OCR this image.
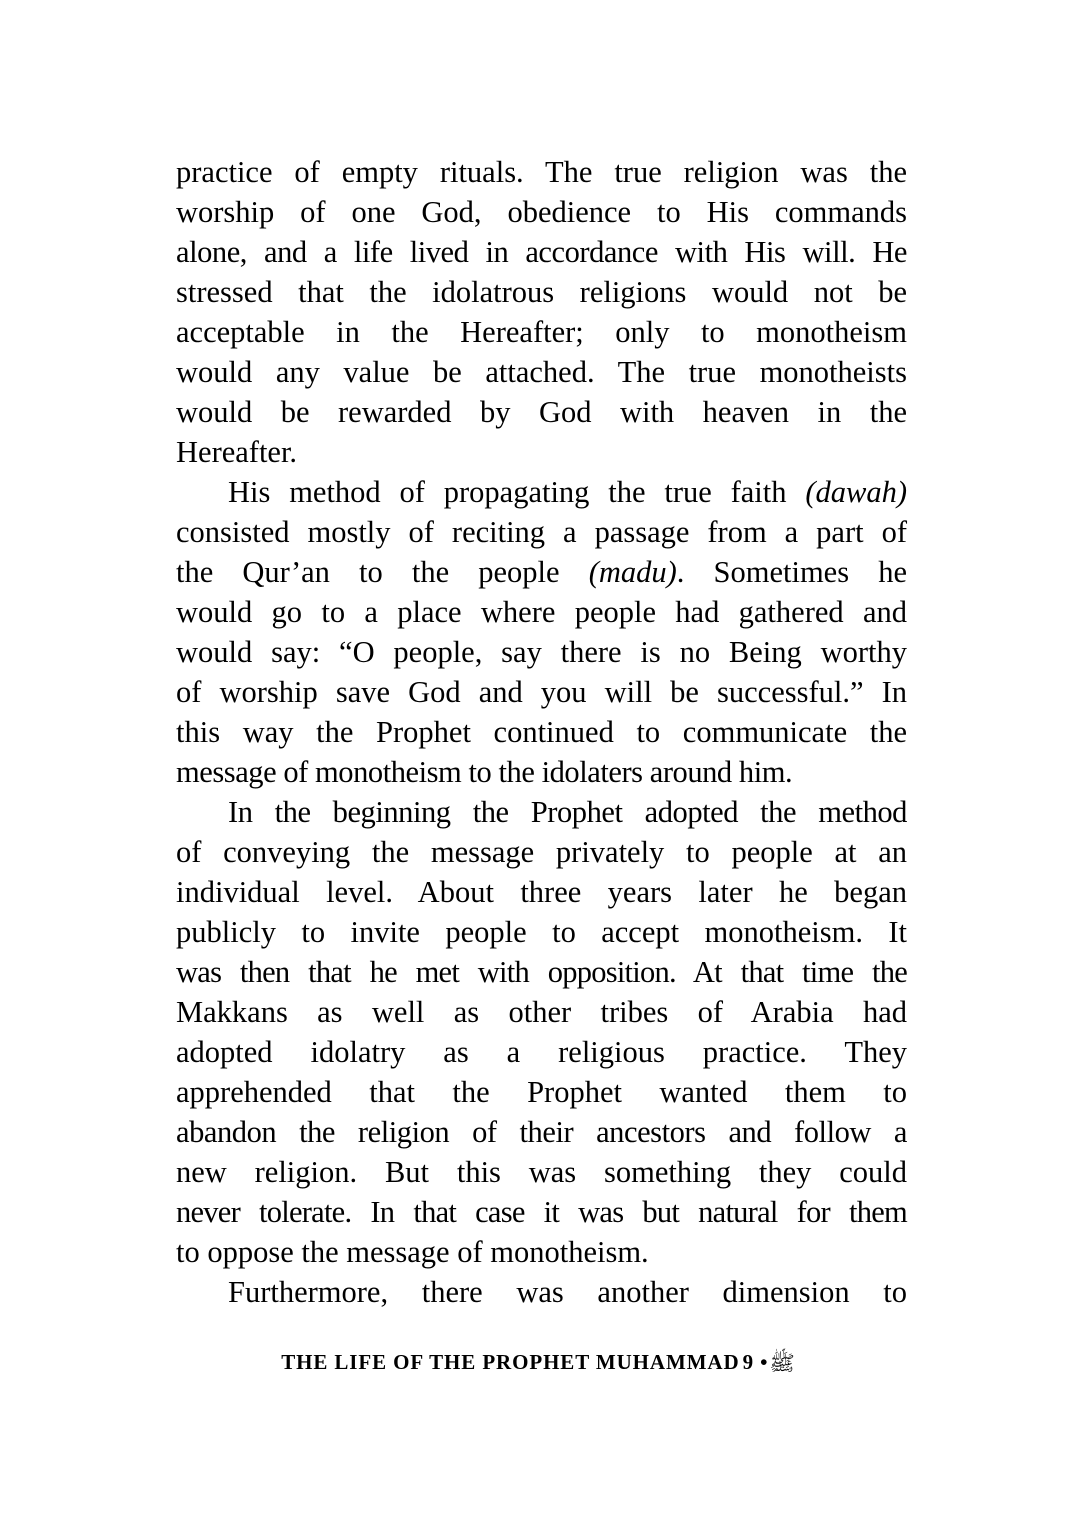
practice of empty rituals. The true religion was the
worship of one God, obedience to His commands
alone, and a life lived in accordance with His will. He
stressed that the idolatrous religions would not be
acceptable in the Hereafter; only to monotheism
would any value be attached. The true monotheists
would be rewarded by God with heaven in the
Hereafter.

His method of propagating the true faith (dawah)
consisted mostly of reciting a passage from a part of
the Qur’an to the people (madu). Sometimes he
would go to a place where people had gathered and
would say: “O people, say there is no Being worthy
of worship save God and you will be successful.” In
this way the Prophet continued to communicate the
message of monotheism to the idolaters around him.

In the beginning the Prophet adopted the method
of conveying the message privately to people at an
individual level. About three years later he began
publicly to invite people to accept monotheism. It
was then that he met with opposition. At that time the
Makkans as well as other tribes of Arabia had
adopted idolatry as a religious practice. They
apprehended that the Prophet wanted them to
abandon the religion of their ancestors and follow a
new religion. But this was something they could
never tolerate. In that case it was but natural for them
to oppose the message of monotheism.

Furthermore, there was another dimension to

THE LIFE OF THE PROPHET MUHAMMAD ﷺ•9
